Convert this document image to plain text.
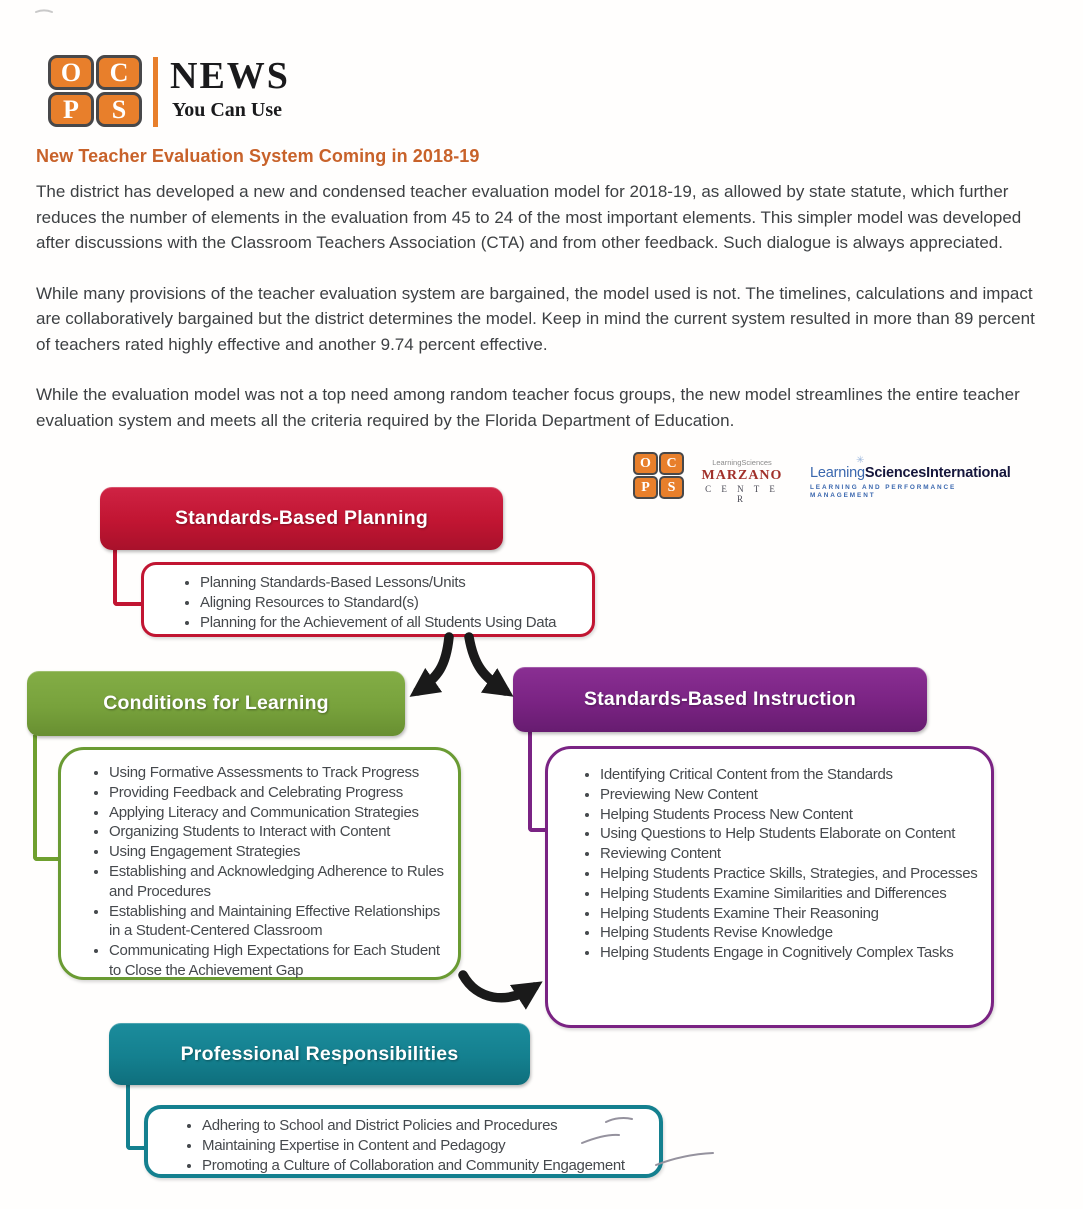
O	C
P	S
NEWS
You Can Use
New Teacher Evaluation System Coming in 2018-19

The district has developed a new and condensed teacher evaluation model for 2018-19, as allowed by state statute, which further reduces the number of elements in the evaluation from 45 to 24 of the most important elements. This simpler model was developed after discussions with the Classroom Teachers Association (CTA) and from other feedback. Such dialogue is always appreciated.

While many provisions of the teacher evaluation system are bargained, the model used is not. The timelines, calculations and impact are collaboratively bargained but the district determines the model. Keep in mind the current system resulted in more than 89 percent of teachers rated highly effective and another 9.74 percent effective.

While the evaluation model was not a top need among random teacher focus groups, the new model streamlines the entire teacher evaluation system and meets all the criteria required by the Florida Department of Education.

O	C
P	S
LearningSciences
MARZANO
C E N T E R
✳
LearningSciencesInternational
LEARNING AND PERFORMANCE MANAGEMENT
Standards-Based Planning
• Planning Standards-Based Lessons/Units
• Aligning Resources to Standard(s)
• Planning for the Achievement of all Students Using Data
Conditions for Learning
• Using Formative Assessments to Track Progress
• Providing Feedback and Celebrating Progress
• Applying Literacy and Communication Strategies
• Organizing Students to Interact with Content
• Using Engagement Strategies
• Establishing and Acknowledging Adherence to Rules and Procedures
• Establishing and Maintaining Effective Relationships in a Student-Centered Classroom
• Communicating High Expectations for Each Student to Close the Achievement Gap
Standards-Based Instruction
• Identifying Critical Content from the Standards
• Previewing New Content
• Helping Students Process New Content
• Using Questions to Help Students Elaborate on Content
• Reviewing Content
• Helping Students Practice Skills, Strategies, and Processes
• Helping Students Examine Similarities and Differences
• Helping Students Examine Their Reasoning
• Helping Students Revise Knowledge
• Helping Students Engage in Cognitively Complex Tasks
Professional Responsibilities
• Adhering to School and District Policies and Procedures
• Maintaining Expertise in Content and Pedagogy
• Promoting a Culture of Collaboration and Community Engagement
